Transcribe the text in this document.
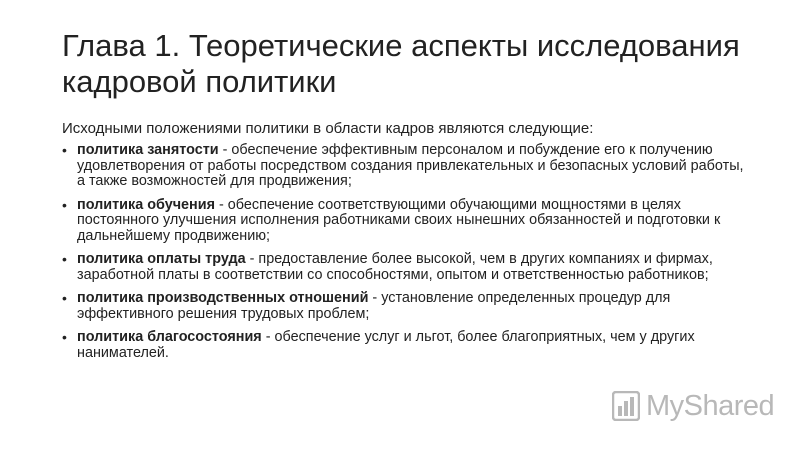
Глава 1. Теоретические аспекты исследования кадровой политики

Исходными положениями политики в области кадров являются следующие:

• политика занятости - обеспечение эффективным персоналом и побуждение его к получению удовлетворения от работы посредством создания привлекательных и безопасных условий работы, а также возможностей для продвижения;
• политика обучения - обеспечение соответствующими обучающими мощностями в целях постоянного улучшения исполнения работниками своих нынешних обязанностей и подготовки к дальнейшему продвижению;
• политика оплаты труда - предоставление более высокой, чем в других компаниях и фирмах, заработной платы в соответствии со способностями, опытом и ответственностью работников;
• политика производственных отношений - установление определенных процедур для эффективного решения трудовых проблем;
• политика благосостояния - обеспечение услуг и льгот, более благоприятных, чем у других нанимателей.
MyShared
